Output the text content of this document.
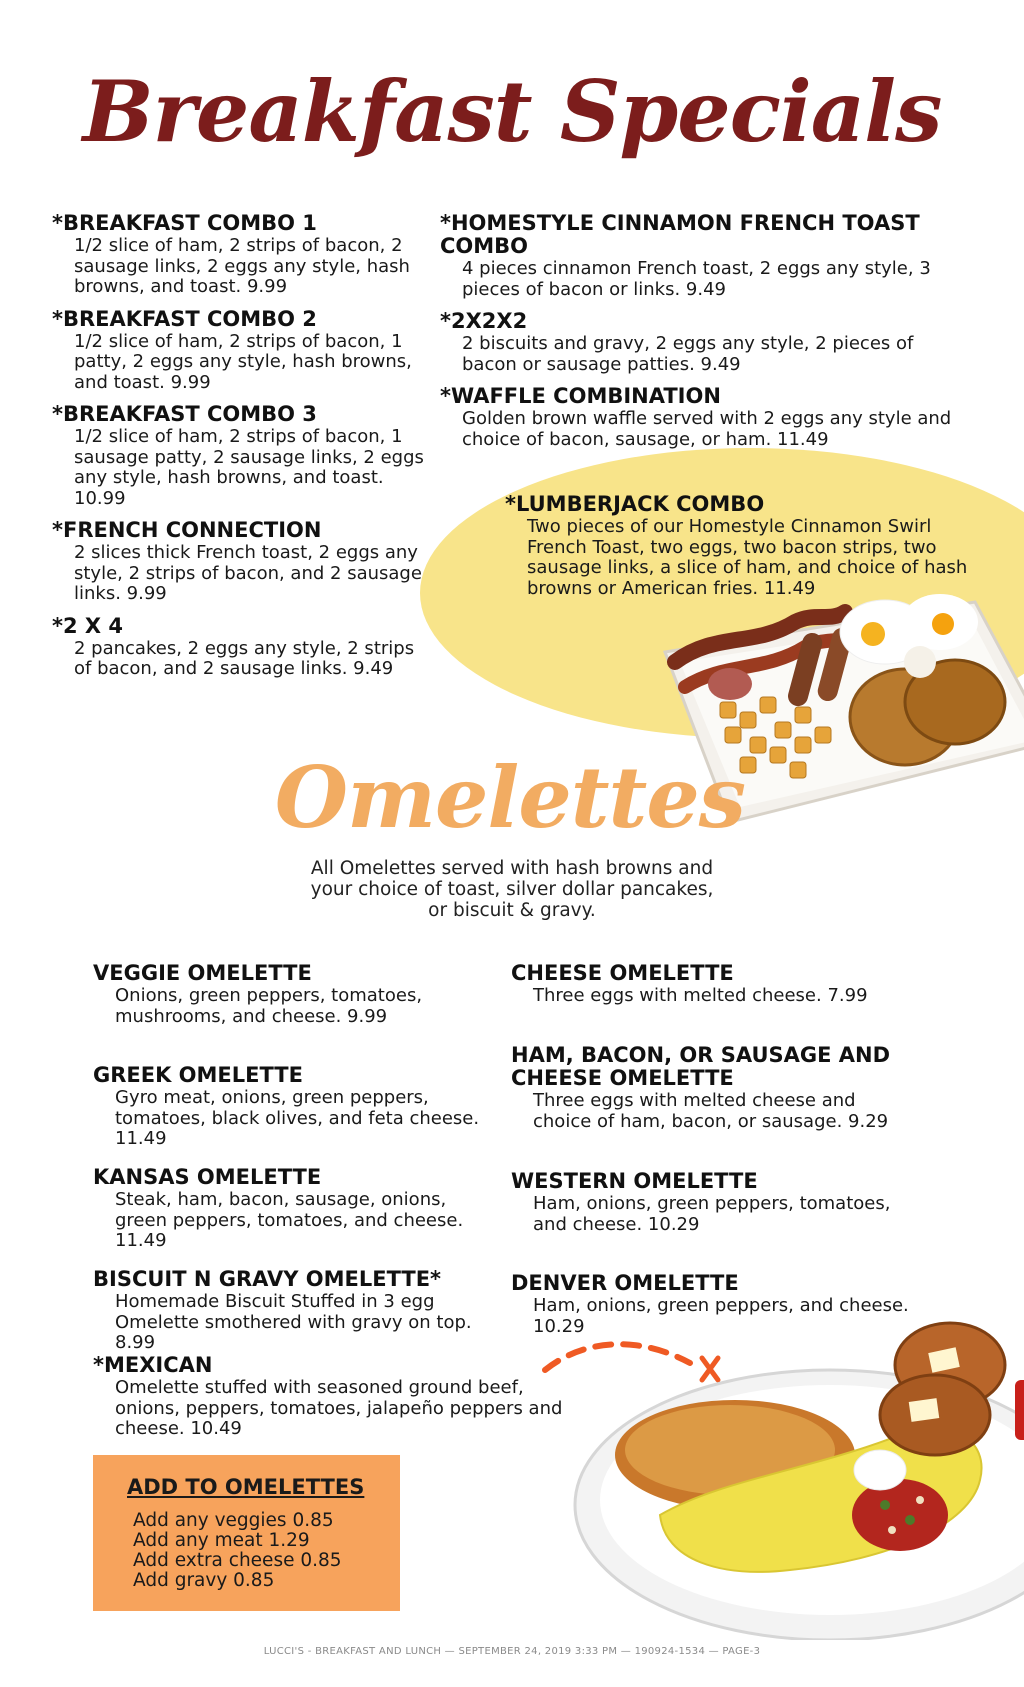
Breakfast Specials

*BREAKFAST COMBO 1

1/2 slice of ham, 2 strips of bacon, 2 sausage links, 2 eggs any style, hash browns, and toast. 9.99

*BREAKFAST COMBO 2

1/2 slice of ham, 2 strips of bacon, 1 patty, 2 eggs any style, hash browns, and toast. 9.99

*BREAKFAST COMBO 3

1/2 slice of ham, 2 strips of bacon, 1 sausage patty, 2 sausage links, 2 eggs any style, hash browns, and toast. 10.99

*FRENCH CONNECTION

2 slices thick French toast, 2 eggs any style, 2 strips of bacon, and 2 sausage links. 9.99

*2 X 4

2 pancakes, 2 eggs any style, 2 strips of bacon, and 2 sausage links. 9.49

*HOMESTYLE CINNAMON FRENCH TOAST COMBO

4 pieces cinnamon French toast, 2 eggs any style, 3 pieces of bacon or links. 9.49

*2X2X2

2 biscuits and gravy, 2 eggs any style, 2 pieces of bacon or sausage patties. 9.49

*WAFFLE COMBINATION

Golden brown waffle served with 2 eggs any style and choice of bacon, sausage, or ham. 11.49

*LUMBERJACK COMBO

Two pieces of our Homestyle Cinnamon Swirl French Toast, two eggs, two bacon strips, two sausage links, a slice of ham, and choice of hash browns or American fries. 11.49

Omelettes

All Omelettes served with hash browns and your choice of toast, silver dollar pancakes, or biscuit & gravy.

VEGGIE OMELETTE

Onions, green peppers, tomatoes, mushrooms, and cheese. 9.99

GREEK OMELETTE

Gyro meat, onions, green peppers, tomatoes, black olives, and feta cheese. 11.49

KANSAS OMELETTE

Steak, ham, bacon, sausage, onions, green peppers, tomatoes, and cheese. 11.49

BISCUIT N GRAVY OMELETTE*

Homemade Biscuit Stuffed in 3 egg Omelette smothered with gravy on top. 8.99

*MEXICAN

Omelette stuffed with seasoned ground beef, onions, peppers, tomatoes, jalapeño peppers and cheese. 10.49

CHEESE OMELETTE

Three eggs with melted cheese. 7.99

HAM, BACON, OR SAUSAGE AND CHEESE OMELETTE

Three eggs with melted cheese and choice of ham, bacon, or sausage. 9.29

WESTERN OMELETTE

Ham, onions, green peppers, tomatoes, and cheese. 10.29

DENVER OMELETTE

Ham, onions, green peppers, and cheese. 10.29

ADD TO OMELETTES

Add any veggies 0.85

Add any meat 1.29

Add extra cheese 0.85

Add gravy 0.85

LUCCI'S - BREAKFAST AND LUNCH — SEPTEMBER 24, 2019 3:33 PM — 190924-1534 — PAGE-3
